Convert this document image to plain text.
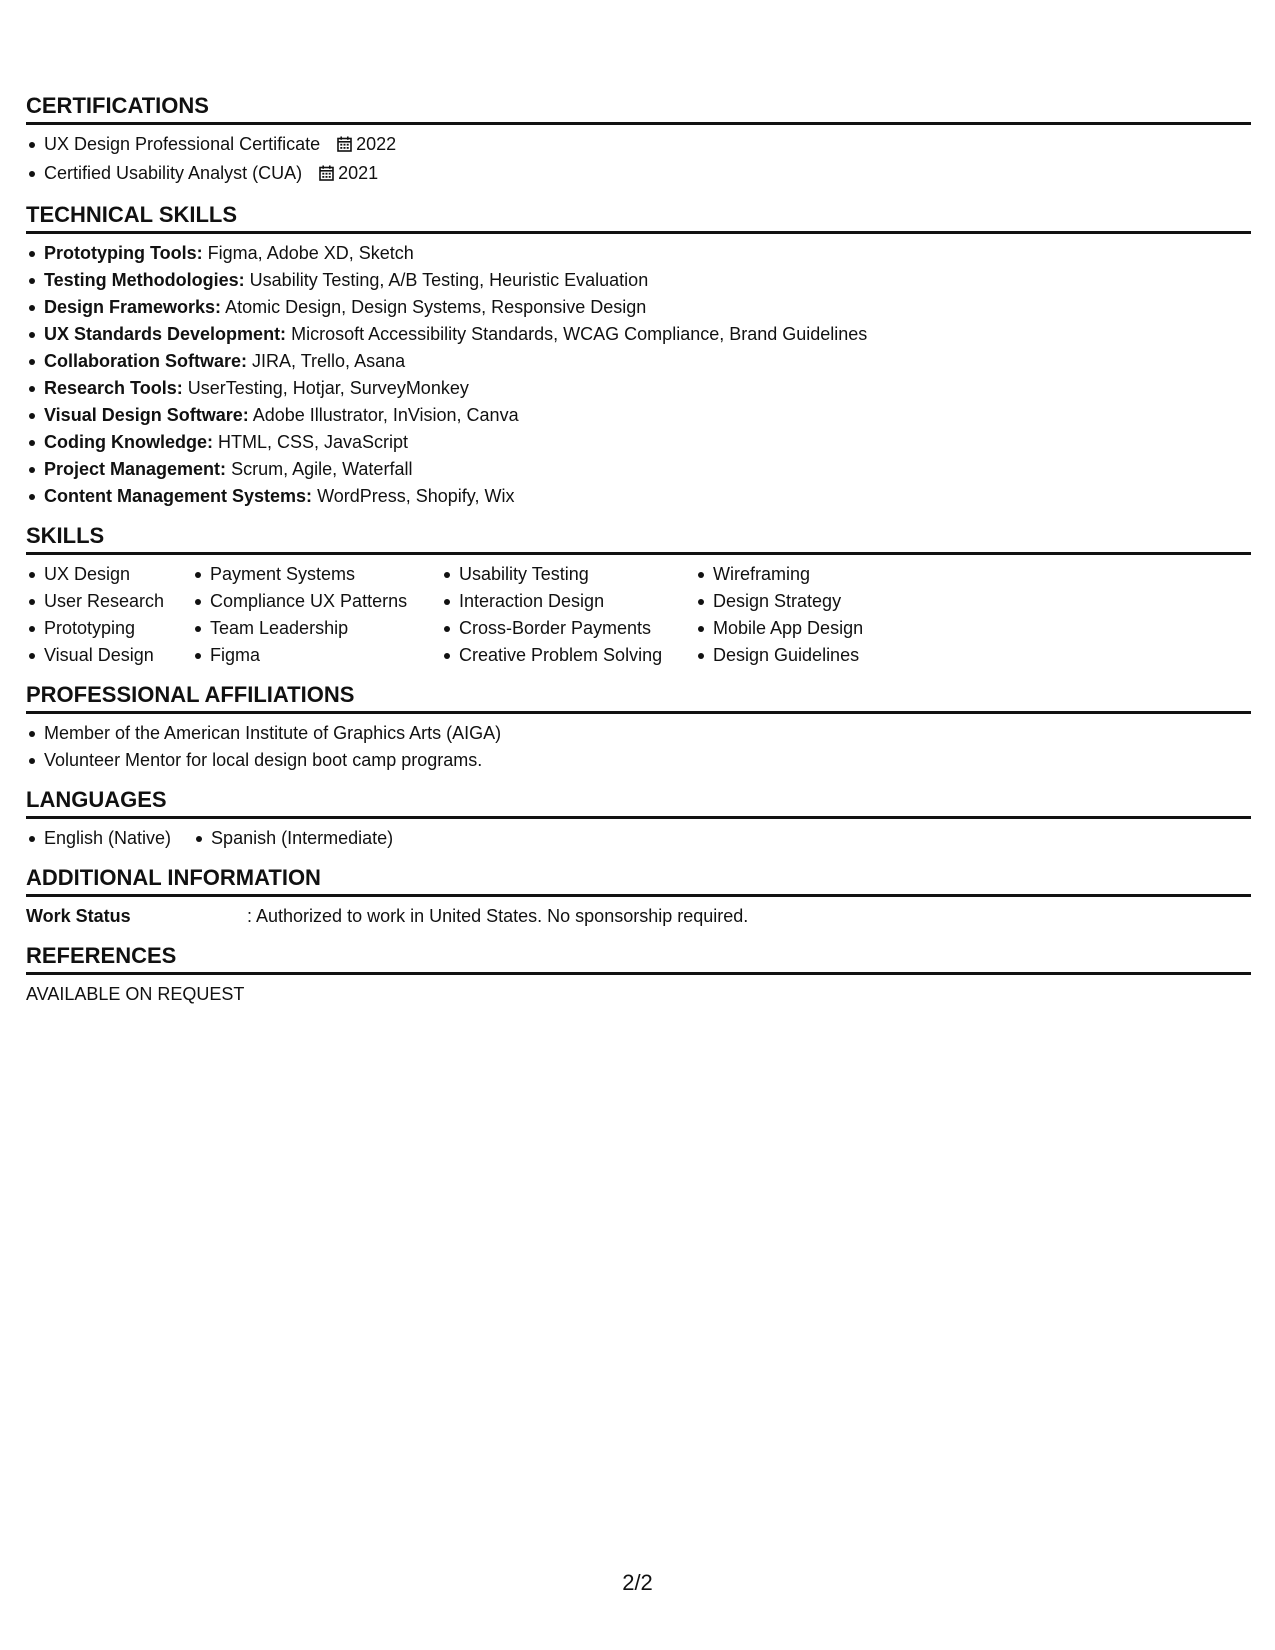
CERTIFICATIONS
UX Design Professional Certificate 2022
Certified Usability Analyst (CUA) 2021
TECHNICAL SKILLS
Prototyping Tools: Figma, Adobe XD, Sketch
Testing Methodologies: Usability Testing, A/B Testing, Heuristic Evaluation
Design Frameworks: Atomic Design, Design Systems, Responsive Design
UX Standards Development: Microsoft Accessibility Standards, WCAG Compliance, Brand Guidelines
Collaboration Software: JIRA, Trello, Asana
Research Tools: UserTesting, Hotjar, SurveyMonkey
Visual Design Software: Adobe Illustrator, InVision, Canva
Coding Knowledge: HTML, CSS, JavaScript
Project Management: Scrum, Agile, Waterfall
Content Management Systems: WordPress, Shopify, Wix
SKILLS
UX Design
User Research
Prototyping
Visual Design
Payment Systems
Compliance UX Patterns
Team Leadership
Figma
Usability Testing
Interaction Design
Cross-Border Payments
Creative Problem Solving
Wireframing
Design Strategy
Mobile App Design
Design Guidelines
PROFESSIONAL AFFILIATIONS
Member of the American Institute of Graphics Arts (AIGA)
Volunteer Mentor for local design boot camp programs.
LANGUAGES
English (Native)	Spanish (Intermediate)
ADDITIONAL INFORMATION
Work Status	: Authorized to work in United States. No sponsorship required.
REFERENCES
AVAILABLE ON REQUEST
2/2
